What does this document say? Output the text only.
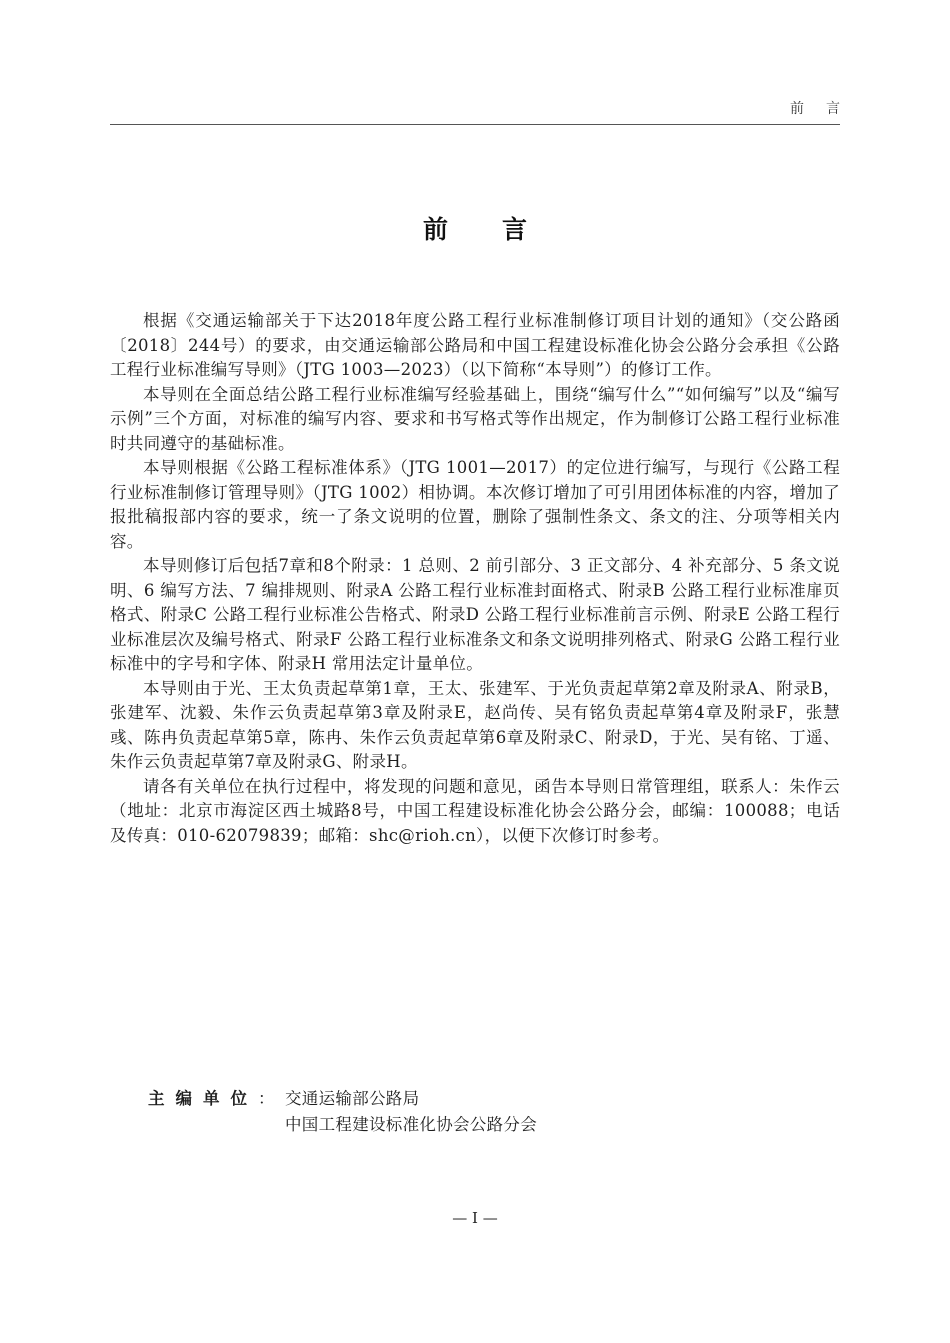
前言
前言

根据《交通运输部关于下达2018年度公路工程行业标准制修订项目计划的通知》（交公路函〔2018〕244号）的要求，由交通运输部公路局和中国工程建设标准化协会公路分会承担《公路工程行业标准编写导则》（JTG 1003—2023）（以下简称“本导则”）的修订工作。

本导则在全面总结公路工程行业标准编写经验基础上，围绕“编写什么”“如何编写”以及“编写示例”三个方面，对标准的编写内容、要求和书写格式等作出规定，作为制修订公路工程行业标准时共同遵守的基础标准。

本导则根据《公路工程标准体系》（JTG 1001—2017）的定位进行编写，与现行《公路工程行业标准制修订管理导则》（JTG 1002）相协调。本次修订增加了可引用团体标准的内容，增加了报批稿报部内容的要求，统一了条文说明的位置，删除了强制性条文、条文的注、分项等相关内容。

本导则修订后包括7章和8个附录：1 总则、2 前引部分、3 正文部分、4 补充部分、5 条文说明、6 编写方法、7 编排规则、附录A 公路工程行业标准封面格式、附录B 公路工程行业标准扉页格式、附录C 公路工程行业标准公告格式、附录D 公路工程行业标准前言示例、附录E 公路工程行业标准层次及编号格式、附录F 公路工程行业标准条文和条文说明排列格式、附录G 公路工程行业标准中的字号和字体、附录H 常用法定计量单位。

本导则由于光、王太负责起草第1章，王太、张建军、于光负责起草第2章及附录A、附录B，张建军、沈毅、朱作云负责起草第3章及附录E，赵尚传、吴有铭负责起草第4章及附录F，张慧彧、陈冉负责起草第5章，陈冉、朱作云负责起草第6章及附录C、附录D，于光、吴有铭、丁遥、朱作云负责起草第7章及附录G、附录H。

请各有关单位在执行过程中，将发现的问题和意见，函告本导则日常管理组，联系人：朱作云（地址：北京市海淀区西土城路8号，中国工程建设标准化协会公路分会，邮编：100088；电话及传真：010-62079839；邮箱：shc@rioh.cn），以便下次修订时参考。

主编单位： 交通运输部公路局
中国工程建设标准化协会公路分会
— I —
